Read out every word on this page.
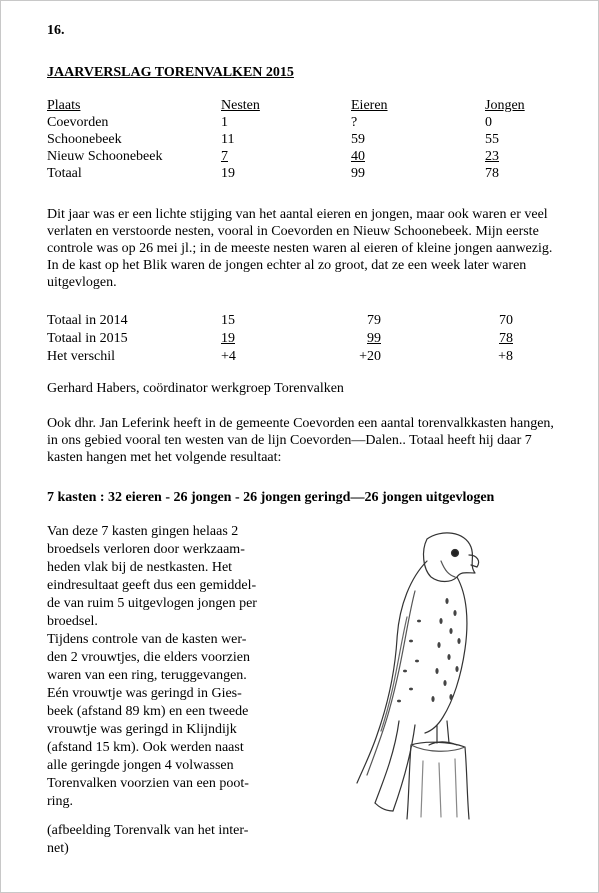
16.
JAARVERSLAG TORENVALKEN 2015
Plaats	Nesten	Eieren	Jongen
Coevorden	1	?	0
Schoonebeek	11	59	55
Nieuw Schoonebeek	7	40	23
Totaal	19	99	78
Dit jaar was er een lichte stijging van het aantal eieren en jongen, maar ook waren er veel verlaten en verstoorde nesten, vooral in Coevorden en Nieuw Schoonebeek. Mijn eerste controle was op 26 mei jl.; in de meeste nesten waren al eieren of kleine jongen aanwezig. In de kast op het Blik waren de jongen echter al zo groot, dat ze een week later waren uitgevlogen.
Totaal in 2014	15	79	70
Totaal in 2015	19	99	78
Het verschil	+4	+20	+8
Gerhard Habers, coördinator werkgroep Torenvalken
Ook dhr. Jan Leferink heeft in de gemeente Coevorden een aantal torenvalkkasten hangen, in ons gebied vooral ten westen van de lijn Coevorden—Dalen.. Totaal heeft hij daar 7 kasten hangen met het volgende resultaat:
7 kasten : 32 eieren - 26 jongen - 26 jongen geringd—26 jongen uitgevlogen

Van deze 7 kasten gingen helaas 2

broedsels verloren door werkzaam-

heden vlak bij de nestkasten. Het

eindresultaat geeft dus een gemiddel-

de van ruim 5 uitgevlogen jongen per

broedsel.

Tijdens controle van de kasten wer-

den 2 vrouwtjes, die elders voorzien

waren van een ring, teruggevangen.

Eén vrouwtje was geringd in Gies-

beek (afstand 89 km) en een tweede

vrouwtje was geringd in Klijndijk

(afstand 15 km). Ook werden naast

alle geringde jongen 4 volwassen

Torenvalken voorzien van een poot-

ring.

(afbeelding Torenvalk van het inter-
net)
